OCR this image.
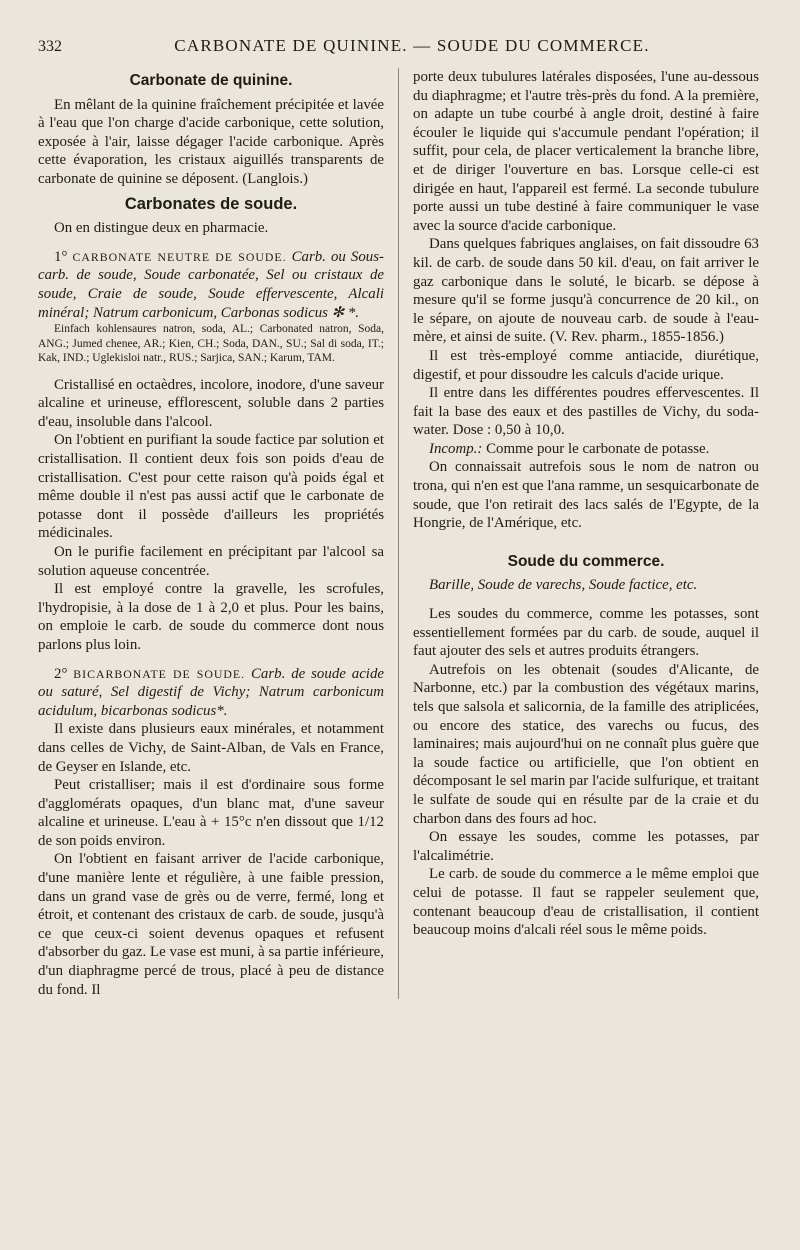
332	CARBONATE DE QUININE. — SOUDE DU COMMERCE.
Carbonate de quinine.

En mêlant de la quinine fraîchement précipitée et lavée à l'eau que l'on charge d'acide carbonique, cette solution, exposée à l'air, laisse dégager l'acide carbonique. Après cette évaporation, les cristaux aiguillés transparents de carbonate de quinine se déposent. (Langlois.)

Carbonates de soude.

On en distingue deux en pharmacie.

1° CARBONATE NEUTRE DE SOUDE. Carb. ou Sous-carb. de soude, Soude carbonatée, Sel ou cristaux de soude, Craie de soude, Soude effervescente, Alcali minéral; Natrum carbonicum, Carbonas sodicus ✻ *.

Einfach kohlensaures natron, soda, AL.; Carbonated natron, Soda, ANG.; Jumed chenee, AR.; Kien, CH.; Soda, DAN., SU.; Sal di soda, IT.; Kak, IND.; Uglekisloi natr., RUS.; Sarjica, SAN.; Karum, TAM.

Cristallisé en octaèdres, incolore, inodore, d'une saveur alcaline et urineuse, efflorescent, soluble dans 2 parties d'eau, insoluble dans l'alcool.

On l'obtient en purifiant la soude factice par solution et cristallisation. Il contient deux fois son poids d'eau de cristallisation. C'est pour cette raison qu'à poids égal et même double il n'est pas aussi actif que le carbonate de potasse dont il possède d'ailleurs les propriétés médicinales.

On le purifie facilement en précipitant par l'alcool sa solution aqueuse concentrée.

Il est employé contre la gravelle, les scrofules, l'hydropisie, à la dose de 1 à 2,0 et plus. Pour les bains, on emploie le carb. de soude du commerce dont nous parlons plus loin.

2° BICARBONATE DE SOUDE. Carb. de soude acide ou saturé, Sel digestif de Vichy; Natrum carbonicum acidulum, bicarbonas sodicus*.

Il existe dans plusieurs eaux minérales, et notamment dans celles de Vichy, de Saint-Alban, de Vals en France, de Geyser en Islande, etc.

Peut cristalliser; mais il est d'ordinaire sous forme d'agglomérats opaques, d'un blanc mat, d'une saveur alcaline et urineuse. L'eau à + 15°c n'en dissout que 1/12 de son poids environ.

On l'obtient en faisant arriver de l'acide carbonique, d'une manière lente et régulière, à une faible pression, dans un grand vase de grès ou de verre, fermé, long et étroit, et contenant des cristaux de carb. de soude, jusqu'à ce que ceux-ci soient devenus opaques et refusent d'absorber du gaz. Le vase est muni, à sa partie inférieure, d'un diaphragme percé de trous, placé à peu de distance du fond. Il

porte deux tubulures latérales disposées, l'une au-dessous du diaphragme; et l'autre très-près du fond. A la première, on adapte un tube courbé à angle droit, destiné à faire écouler le liquide qui s'accumule pendant l'opération; il suffit, pour cela, de placer verticalement la branche libre, et de diriger l'ouverture en bas. Lorsque celle-ci est dirigée en haut, l'appareil est fermé. La seconde tubulure porte aussi un tube destiné à faire communiquer le vase avec la source d'acide carbonique.

Dans quelques fabriques anglaises, on fait dissoudre 63 kil. de carb. de soude dans 50 kil. d'eau, on fait arriver le gaz carbonique dans le soluté, le bicarb. se dépose à mesure qu'il se forme jusqu'à concurrence de 20 kil., on le sépare, on ajoute de nouveau carb. de soude à l'eau-mère, et ainsi de suite. (V. Rev. pharm., 1855-1856.)

Il est très-employé comme antiacide, diurétique, digestif, et pour dissoudre les calculs d'acide urique.

Il entre dans les différentes poudres effervescentes. Il fait la base des eaux et des pastilles de Vichy, du soda-water. Dose : 0,50 à 10,0.

Incomp.: Comme pour le carbonate de potasse.

On connaissait autrefois sous le nom de natron ou trona, qui n'en est que l'ana ramme, un sesquicarbonate de soude, que l'on retirait des lacs salés de l'Egypte, de la Hongrie, de l'Amérique, etc.

Soude du commerce.

Barille, Soude de varechs, Soude factice, etc.

Les soudes du commerce, comme les potasses, sont essentiellement formées par du carb. de soude, auquel il faut ajouter des sels et autres produits étrangers.

Autrefois on les obtenait (soudes d'Alicante, de Narbonne, etc.) par la combustion des végétaux marins, tels que salsola et salicornia, de la famille des atriplicées, ou encore des statice, des varechs ou fucus, des laminaires; mais aujourd'hui on ne connaît plus guère que la soude factice ou artificielle, que l'on obtient en décomposant le sel marin par l'acide sulfurique, et traitant le sulfate de soude qui en résulte par de la craie et du charbon dans des fours ad hoc.

On essaye les soudes, comme les potasses, par l'alcalimétrie.

Le carb. de soude du commerce a le même emploi que celui de potasse. Il faut se rappeler seulement que, contenant beaucoup d'eau de cristallisation, il contient beaucoup moins d'alcali réel sous le même poids.
